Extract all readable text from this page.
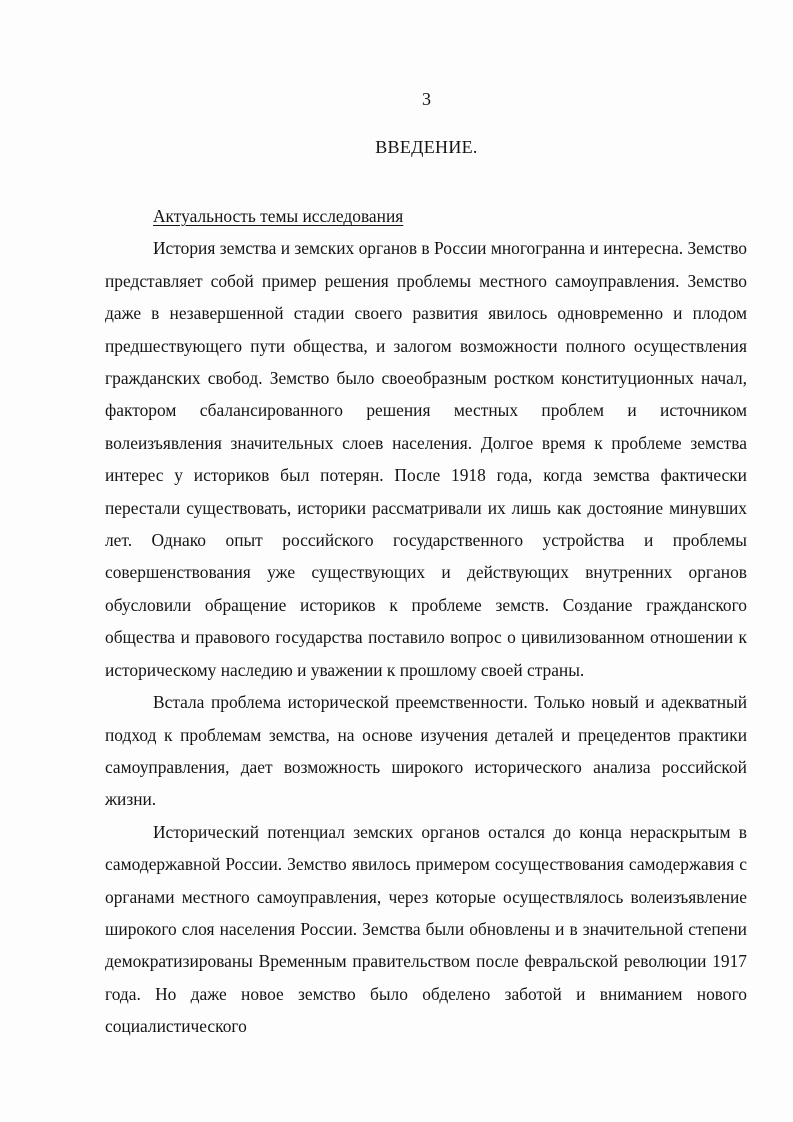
3
ВВЕДЕНИЕ.

Актуальность темы исследования

История земства и земских органов в России многогранна и интересна. Земство представляет собой пример решения проблемы местного самоуправления. Земство даже в незавершенной стадии своего развития явилось одновременно и плодом предшествующего пути общества, и залогом возможности полного осуществления гражданских свобод. Земство было своеобразным ростком конституционных начал, фактором сбалансированного решения местных проблем и источником волеизъявления значительных слоев населения. Долгое время к проблеме земства интерес у историков был потерян. После 1918 года, когда земства фактически перестали существовать, историки рассматривали их лишь как достояние минувших лет. Однако опыт российского государственного устройства и проблемы совершенствования уже существующих и действующих внутренних органов обусловили обращение историков к проблеме земств. Создание гражданского общества и правового государства поставило вопрос о цивилизованном отношении к историческому наследию и уважении к прошлому своей страны.

Встала проблема исторической преемственности. Только новый и адекватный подход к проблемам земства, на основе изучения деталей и прецедентов практики самоуправления, дает возможность широкого исторического анализа российской жизни.

Исторический потенциал земских органов остался до конца нераскрытым в самодержавной России. Земство явилось примером сосуществования самодержавия с органами местного самоуправления, через которые осуществлялось волеизъявление широкого слоя населения России. Земства были обновлены и в значительной степени демократизированы Временным правительством после февральской революции 1917 года. Но даже новое земство было обделено заботой и вниманием нового социалистического
